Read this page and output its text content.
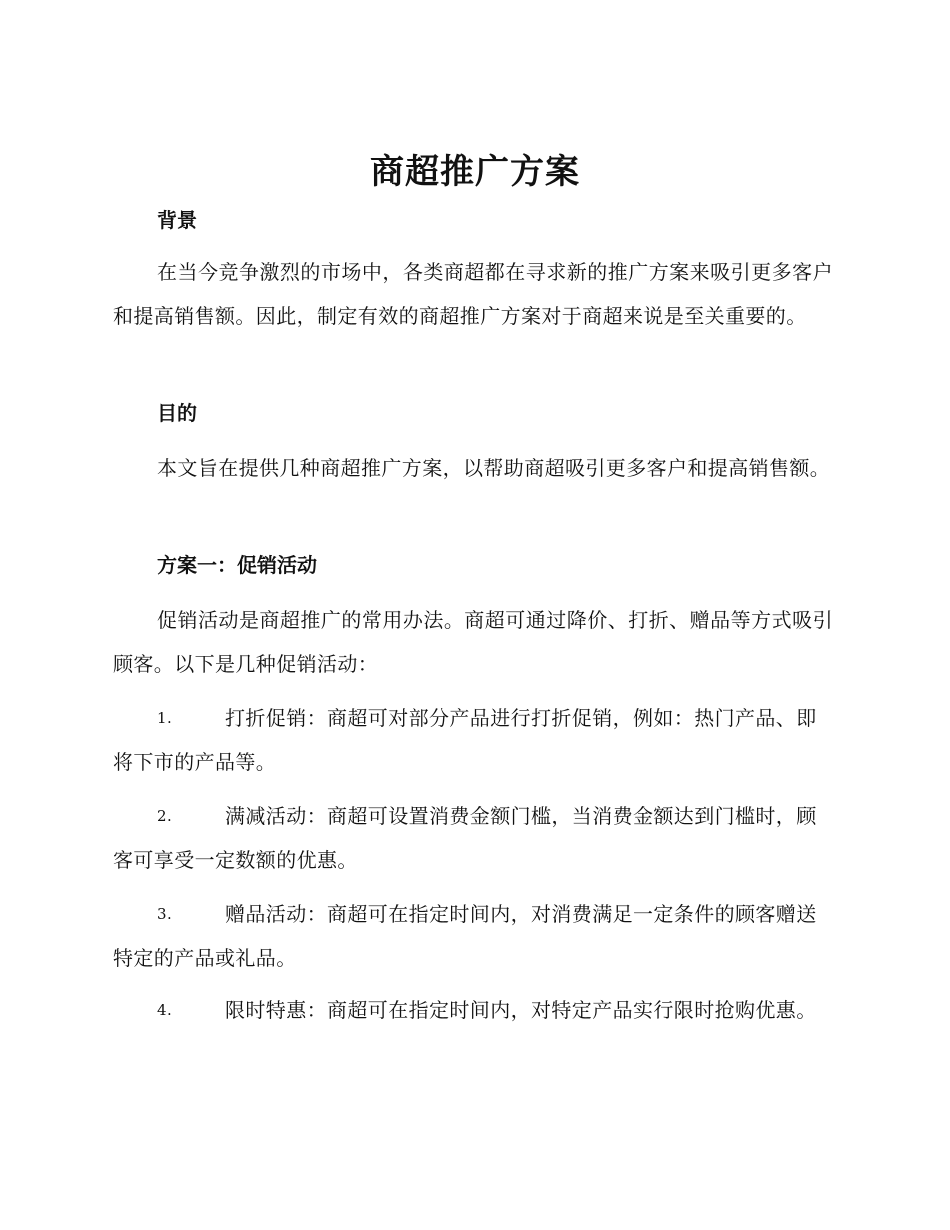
商超推广方案
背景
在当今竞争激烈的市场中，各类商超都在寻求新的推广方案来吸引更多客户和提高销售额。因此，制定有效的商超推广方案对于商超来说是至关重要的。
目的
本文旨在提供几种商超推广方案，以帮助商超吸引更多客户和提高销售额。
方案一：促销活动
促销活动是商超推广的常用办法。商超可通过降价、打折、赠品等方式吸引顾客。以下是几种促销活动：
1.	打折促销：商超可对部分产品进行打折促销，例如：热门产品、即将下市的产品等。
2.	满减活动：商超可设置消费金额门槛，当消费金额达到门槛时，顾客可享受一定数额的优惠。
3.	赠品活动：商超可在指定时间内，对消费满足一定条件的顾客赠送特定的产品或礼品。
4.	限时特惠：商超可在指定时间内，对特定产品实行限时抢购优惠。
